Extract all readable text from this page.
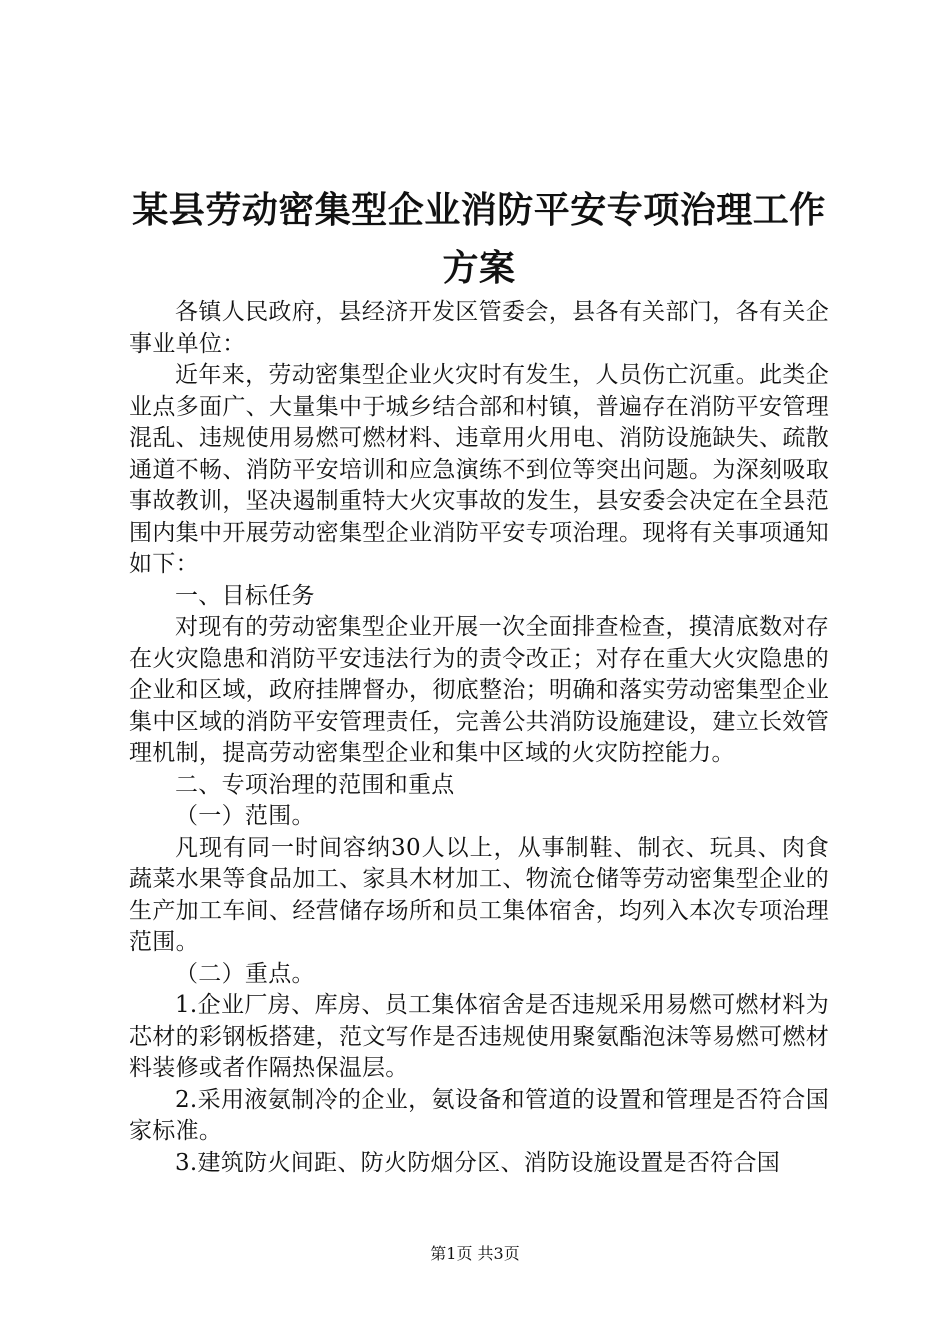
某县劳动密集型企业消防平安专项治理工作方案

各镇人民政府，县经济开发区管委会，县各有关部门，各有关企事业单位：

近年来，劳动密集型企业火灾时有发生，人员伤亡沉重。此类企业点多面广、大量集中于城乡结合部和村镇，普遍存在消防平安管理混乱、违规使用易燃可燃材料、违章用火用电、消防设施缺失、疏散通道不畅、消防平安培训和应急演练不到位等突出问题。为深刻吸取事故教训，坚决遏制重特大火灾事故的发生，县安委会决定在全县范围内集中开展劳动密集型企业消防平安专项治理。现将有关事项通知如下：

一、目标任务

对现有的劳动密集型企业开展一次全面排查检查，摸清底数对存在火灾隐患和消防平安违法行为的责令改正；对存在重大火灾隐患的企业和区域，政府挂牌督办，彻底整治；明确和落实劳动密集型企业集中区域的消防平安管理责任，完善公共消防设施建设，建立长效管理机制，提高劳动密集型企业和集中区域的火灾防控能力。

二、专项治理的范围和重点

（一）范围。

凡现有同一时间容纳30人以上，从事制鞋、制衣、玩具、肉食蔬菜水果等食品加工、家具木材加工、物流仓储等劳动密集型企业的生产加工车间、经营储存场所和员工集体宿舍，均列入本次专项治理范围。

（二）重点。

1.企业厂房、库房、员工集体宿舍是否违规采用易燃可燃材料为芯材的彩钢板搭建，范文写作是否违规使用聚氨酯泡沫等易燃可燃材料装修或者作隔热保温层。

2.采用液氨制冷的企业，氨设备和管道的设置和管理是否符合国家标准。

3.建筑防火间距、防火防烟分区、消防设施设置是否符合国

第1页 共3页
